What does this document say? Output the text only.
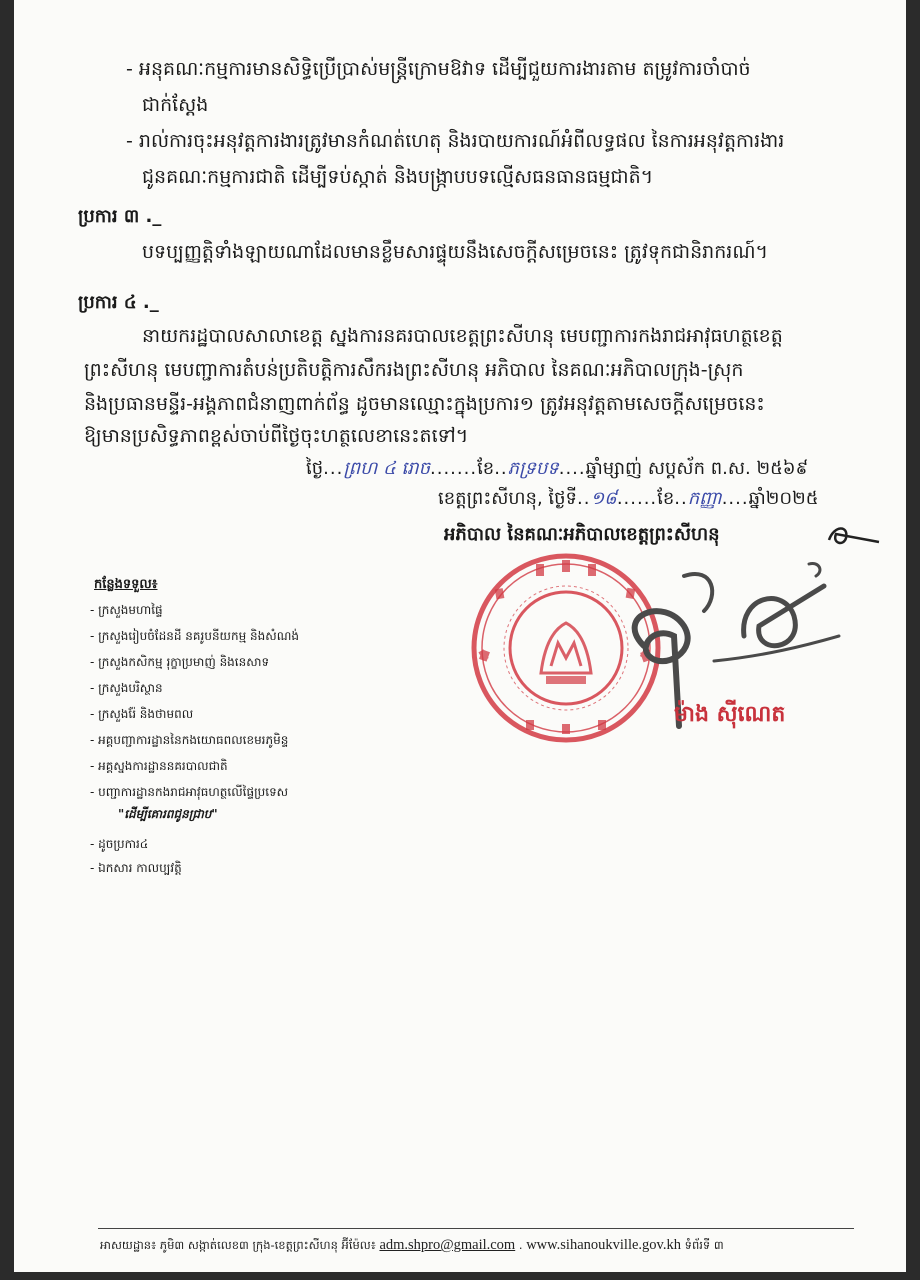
- អនុគណៈកម្មការមានសិទ្ធិប្រើប្រាស់មន្ត្រីក្រោមឱវាទ ដើម្បីជួយការងារតាម តម្រូវការចាំបាច់
ជាក់ស្តែង
- រាល់ការចុះអនុវត្តការងារត្រូវមានកំណត់ហេតុ និងរបាយការណ៍អំពីលទ្ធផល នៃការអនុវត្តការងារ
ជូនគណៈកម្មការជាតិ ដើម្បីទប់ស្កាត់ និងបង្ក្រាបបទល្មើសធនធានធម្មជាតិ។
ប្រការ ៣ ._
បទប្បញ្ញត្តិទាំងឡាយណាដែលមានខ្លឹមសារផ្ទុយនឹងសេចក្តីសម្រេចនេះ ត្រូវទុកជានិរាករណ៍។
ប្រការ ៤ ._
នាយករដ្ឋបាលសាលាខេត្ត ស្នងការនគរបាលខេត្តព្រះសីហនុ មេបញ្ជាការកងរាជអាវុធហត្ថខេត្ត
ព្រះសីហនុ មេបញ្ជាការតំបន់ប្រតិបត្តិការសឹករងព្រះសីហនុ អភិបាល នៃគណៈអភិបាលក្រុង-ស្រុក
និងប្រធានមន្ទីរ-អង្គភាពជំនាញពាក់ព័ន្ធ ដូចមានឈ្មោះក្នុងប្រការ១ ត្រូវអនុវត្តតាមសេចក្តីសម្រេចនេះ
ឱ្យមានប្រសិទ្ធភាពខ្ពស់ចាប់ពីថ្ងៃចុះហត្ថលេខានេះតទៅ។
ថ្ងៃ...ព្រហ ៤ រោច.......ខែ..ភទ្របទ....ឆ្នាំម្សាញ់ សប្តស័ក ព.ស. ២៥៦៩
ខេត្តព្រះសីហនុ, ថ្ងៃទី..១៨......ខែ..កញ្ញា....ឆ្នាំ២០២៥
អភិបាល នៃគណៈអភិបាលខេត្តព្រះសីហនុ
ម៉ាង ស៊ីណេត
កន្លែងទទួល៖
- ក្រសួងមហាផ្ទៃ
- ក្រសួងរៀបចំដែនដី នគរូបនីយកម្ម និងសំណង់
- ក្រសួងកសិកម្ម រុក្ខាប្រមាញ់ និងនេសាទ
- ក្រសួងបរិស្ថាន
- ក្រសួងរ៉ែ និងថាមពល
- អគ្គបញ្ជាការដ្ឋាននៃកងយោធពលខេមរភូមិន្ទ
- អគ្គស្នងការដ្ឋាននគរបាលជាតិ
- បញ្ជាការដ្ឋានកងរាជអាវុធហត្ថលើផ្ទៃប្រទេស
"ដើម្បីគោរពជូនជ្រាប"
- ដូចប្រការ៤
- ឯកសារ កាលប្បវត្តិ
អាសយដ្ឋាន៖ ភូមិ៣ សង្កាត់លេខ៣ ក្រុង-ខេត្តព្រះសីហនុ អ៊ីម៉ែល៖ adm.shpro@gmail.com . www.sihanoukville.gov.kh ទំព័រទី ៣
